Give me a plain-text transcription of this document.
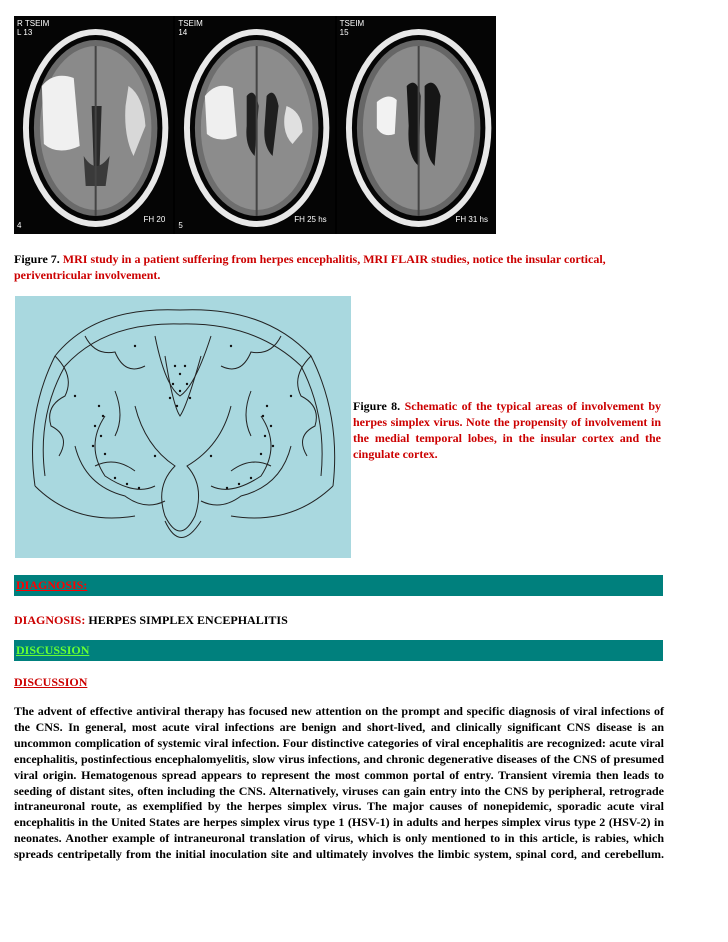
R TSEIM
L 13
FH 20
4
TSEIM
14
FH 25 hs
5
TSEIM
15
FH 31 hs
Figure 7. MRI study in a patient suffering from herpes encephalitis, MRI FLAIR studies, notice the insular cortical, periventricular involvement.
Figure 8. Schematic of the typical areas of involvement by herpes simplex virus. Note the propensity of involvement in the medial temporal lobes, in the insular cortex and the cingulate cortex.
DIAGNOSIS:
DIAGNOSIS: HERPES SIMPLEX ENCEPHALITIS
DISCUSSION
DISCUSSION
The advent of effective antiviral therapy has focused new attention on the prompt and specific diagnosis of viral infections of the CNS. In general, most acute viral infections are benign and short-lived, and clinically significant CNS disease is an uncommon complication of systemic viral infection. Four distinctive categories of viral encephalitis are recognized: acute viral encephalitis, postinfectious encephalomyelitis, slow virus infections, and chronic degenerative diseases of the CNS of presumed viral origin. Hematogenous spread appears to represent the most common portal of entry. Transient viremia then leads to seeding of distant sites, often including the CNS. Alternatively, viruses can gain entry into the CNS by peripheral, retrograde intraneuronal route, as exemplified by the herpes simplex virus. The major causes of nonepidemic, sporadic acute viral encephalitis in the United States are herpes simplex virus type 1 (HSV-1) in adults and herpes simplex virus type 2 (HSV-2) in neonates. Another example of intraneuronal translation of virus, which is only mentioned to in this article, is rabies, which spreads centripetally from the initial inoculation site and ultimately involves the limbic system, spinal cord, and cerebellum.
